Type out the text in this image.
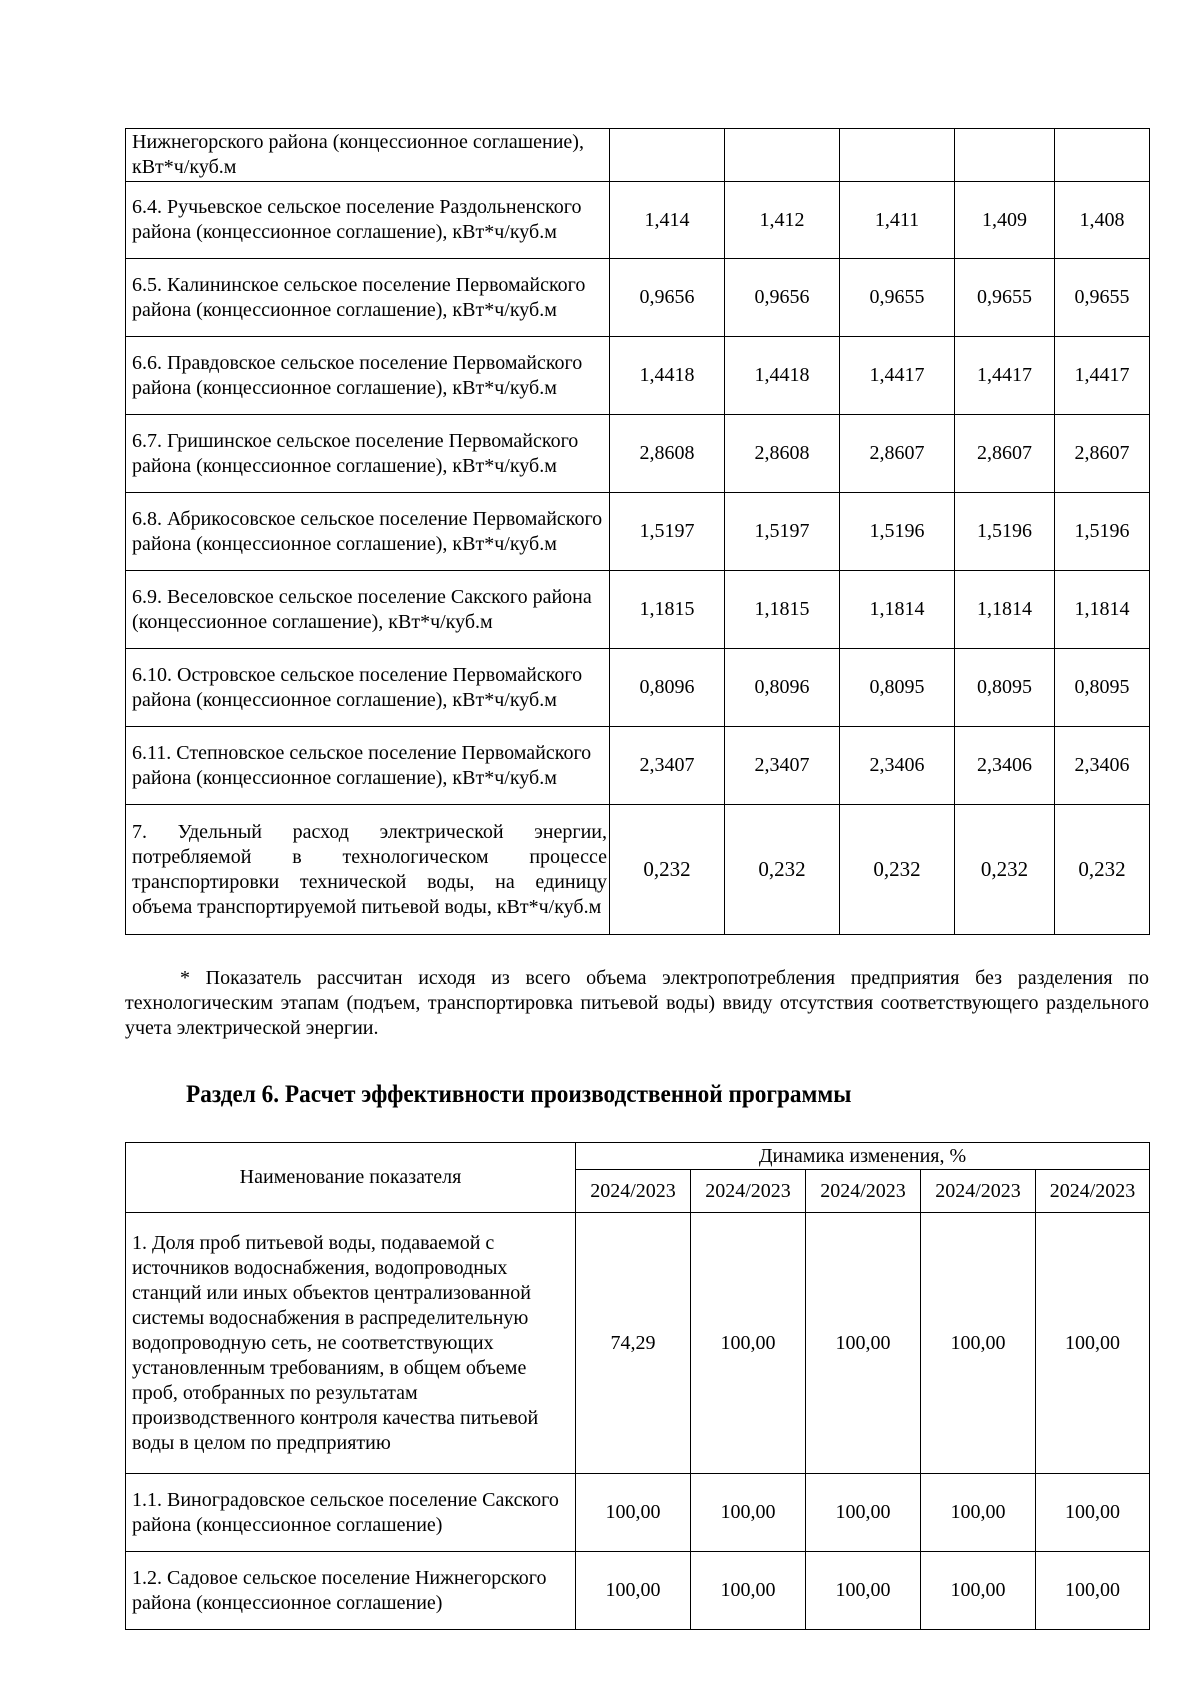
Нижнегорского района (концессионное соглашение), кВт*ч/куб.м					
6.4. Ручьевское сельское поселение Раздольненского района (концессионное соглашение), кВт*ч/куб.м	1,414	1,412	1,411	1,409	1,408
6.5. Калининское сельское поселение Первомайского района (концессионное соглашение), кВт*ч/куб.м	0,9656	0,9656	0,9655	0,9655	0,9655
6.6. Правдовское сельское поселение Первомайского района (концессионное соглашение), кВт*ч/куб.м	1,4418	1,4418	1,4417	1,4417	1,4417
6.7. Гришинское сельское поселение Первомайского района (концессионное соглашение), кВт*ч/куб.м	2,8608	2,8608	2,8607	2,8607	2,8607
6.8. Абрикосовское сельское поселение Первомайского района (концессионное соглашение), кВт*ч/куб.м	1,5197	1,5197	1,5196	1,5196	1,5196
6.9. Веселовское сельское поселение Сакского района (концессионное соглашение), кВт*ч/куб.м	1,1815	1,1815	1,1814	1,1814	1,1814
6.10. Островское сельское поселение Первомайского района (концессионное соглашение), кВт*ч/куб.м	0,8096	0,8096	0,8095	0,8095	0,8095
6.11. Степновское сельское поселение Первомайского района (концессионное соглашение), кВт*ч/куб.м	2,3407	2,3407	2,3406	2,3406	2,3406
7. Удельный расход электрической энергии, потребляемой в технологическом процессе транспортировки технической воды, на единицу объема транспортируемой питьевой воды, кВт*ч/куб.м	0,232	0,232	0,232	0,232	0,232

* Показатель рассчитан исходя из всего объема электропотребления предприятия без разделения по технологическим этапам (подъем, транспортировка питьевой воды) ввиду отсутствия соответствующего раздельного учета электрической энергии.

Раздел 6. Расчет эффективности производственной программы
Наименование показателя	Динамика изменения, %				
	2024/2023	2024/2023	2024/2023	2024/2023	2024/2023
1. Доля проб питьевой воды, подаваемой с источников водоснабжения, водопроводных станций или иных объектов централизованной системы водоснабжения в распределительную водопроводную сеть, не соответствующих установленным требованиям, в общем объеме проб, отобранных по результатам производственного контроля качества питьевой воды в целом по предприятию	74,29	100,00	100,00	100,00	100,00
1.1. Виноградовское сельское поселение Сакского района (концессионное соглашение)	100,00	100,00	100,00	100,00	100,00
1.2. Садовое сельское поселение Нижнегорского района (концессионное соглашение)	100,00	100,00	100,00	100,00	100,00
